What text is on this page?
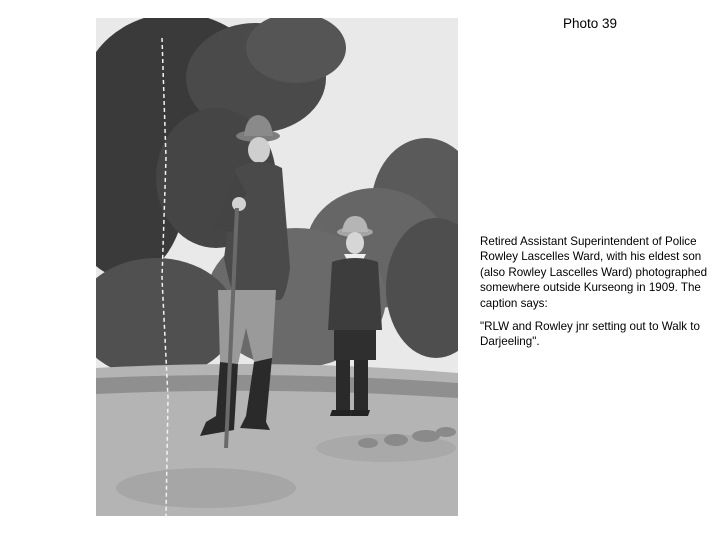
Photo 39

Retired Assistant Superintendent of Police Rowley Lascelles Ward, with his eldest son (also Rowley Lascelles Ward) photographed somewhere outside Kurseong in 1909. The caption says:

"RLW and Rowley jnr setting out to Walk to Darjeeling".
